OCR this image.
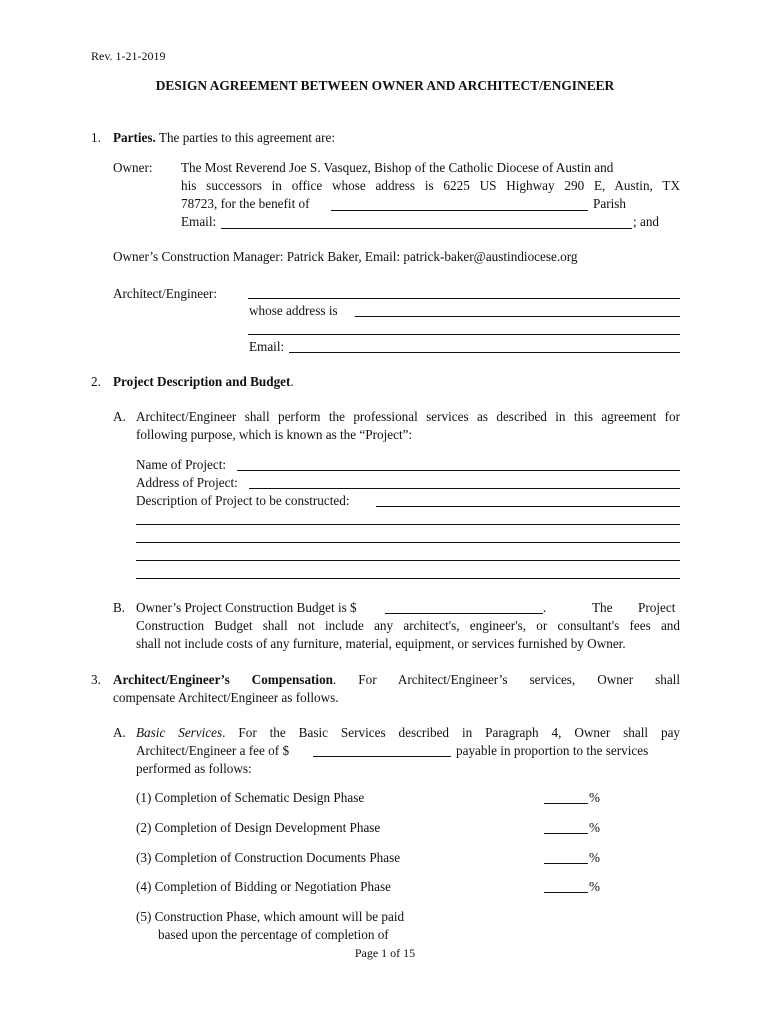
Rev. 1-21-2019
DESIGN AGREEMENT BETWEEN OWNER AND ARCHITECT/ENGINEER
1. Parties. The parties to this agreement are:
Owner: The Most Reverend Joe S. Vasquez, Bishop of the Catholic Diocese of Austin and
his successors in office whose address is 6225 US Highway 290 E, Austin, TX
78723, for the benefit of	Parish
Email:	; and
Owner’s Construction Manager: Patrick Baker, Email: patrick-baker@austindiocese.org
Architect/Engineer:
whose address is
Email:
2. Project Description and Budget.
A. Architect/Engineer shall perform the professional services as described in this agreement for
following purpose, which is known as the “Project”:
Name of Project:
Address of Project:
Description of Project to be constructed:
B. Owner’s Project Construction Budget is $	.	The Project
Construction Budget shall not include any architect's, engineer's, or consultant's fees and
shall not include costs of any furniture, material, equipment, or services furnished by Owner.
3. Architect/Engineer’s Compensation. For Architect/Engineer’s services, Owner shall
compensate Architect/Engineer as follows.
A. Basic Services. For the Basic Services described in Paragraph 4, Owner shall pay
Architect/Engineer a fee of $	payable in proportion to the services
performed as follows:
(1) Completion of Schematic Design Phase	%
(2) Completion of Design Development Phase	%
(3) Completion of Construction Documents Phase	%
(4) Completion of Bidding or Negotiation Phase	%
(5) Construction Phase, which amount will be paid
based upon the percentage of completion of
Page 1 of 15
